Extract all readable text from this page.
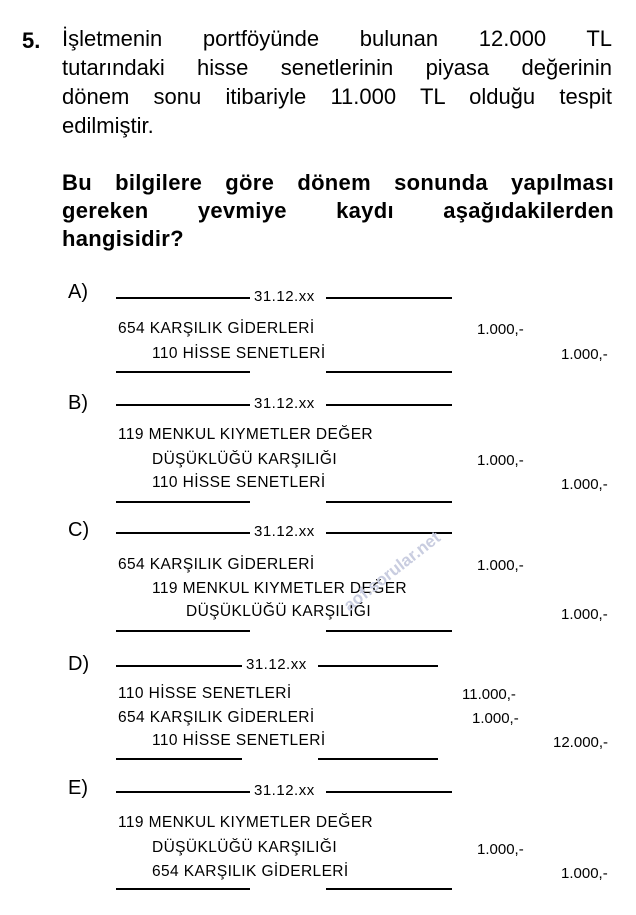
5. İşletmenin portföyünde bulunan 12.000 TL
tutarındaki hisse senetlerinin piyasa değerinin
dönem sonu itibariyle 11.000 TL olduğu tespit
edilmiştir.
Bu bilgilere göre dönem sonunda yapılması
gereken yevmiye kaydı aşağıdakilerden
hangisidir?
A)	31.12.xx
654 KARŞILIK GİDERLERİ	1.000,-
110 HİSSE SENETLERİ	1.000,-
B)	31.12.xx
119 MENKUL KIYMETLER DEĞER
DÜŞÜKLÜĞÜ KARŞILIĞI	1.000,-
110 HİSSE SENETLERİ	1.000,-
C)	31.12.xx
654 KARŞILIK GİDERLERİ	1.000,-
119 MENKUL KIYMETLER DEĞER
DÜŞÜKLÜĞÜ KARŞILIĞI	1.000,-
D)	31.12.xx
110 HİSSE SENETLERİ	11.000,-
654 KARŞILIK GİDERLERİ	1.000,-
110 HİSSE SENETLERİ	12.000,-
E)	31.12.xx
119 MENKUL KIYMETLER DEĞER
DÜŞÜKLÜĞÜ KARŞILIĞI	1.000,-
654 KARŞILIK GİDERLERİ	1.000,-
aof.sorular.net
